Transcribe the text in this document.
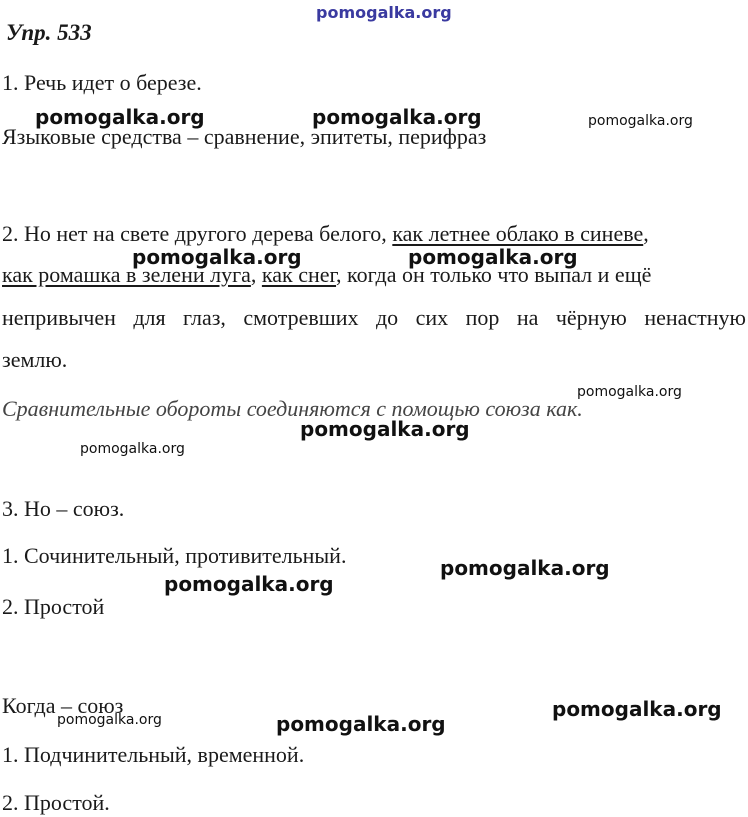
Упр. 533
1. Речь идет о березе.
Языковые средства – сравнение, эпитеты, перифраз
2. Но нет на свете другого дерева белого, как летнее облако в синеве,
как ромашка в зелени луга, как снег, когда он только что выпал и ещё
непривычен для глаз, смотревших до сих пор на чёрную ненастную
землю.
Сравнительные обороты соединяются с помощью союза как.
3. Но – союз.
1. Сочинительный, противительный.
2. Простой
Когда – союз
1. Подчинительный, временной.
2. Простой.
pomogalka.org
pomogalka.org	pomogalka.org	pomogalka.org
pomogalka.org	pomogalka.org
pomogalka.org
pomogalka.org
pomogalka.org
pomogalka.org
pomogalka.org
pomogalka.org
pomogalka.org	pomogalka.org
